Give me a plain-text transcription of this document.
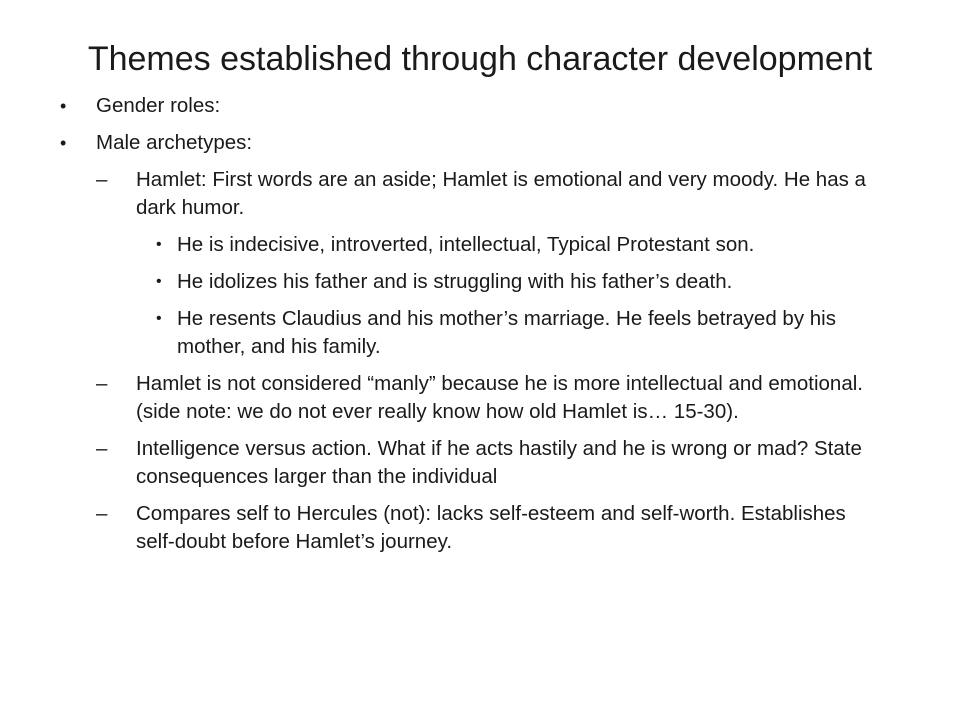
Themes established through character development
• Gender roles:
• Male archetypes:
– Hamlet: First words are an aside; Hamlet is emotional and very moody. He has a dark humor.
• He is indecisive, introverted, intellectual, Typical Protestant son.
• He idolizes his father and is struggling with his father’s death.
• He resents Claudius and his mother’s marriage. He feels betrayed by his mother, and his family.
– Hamlet is not considered “manly” because he is more intellectual and emotional. (side note: we do not ever really know how old Hamlet is… 15-30).
– Intelligence versus action. What if he acts hastily and he is wrong or mad? State consequences larger than the individual
– Compares self to Hercules (not): lacks self-esteem and self-worth. Establishes self-doubt before Hamlet’s journey.
